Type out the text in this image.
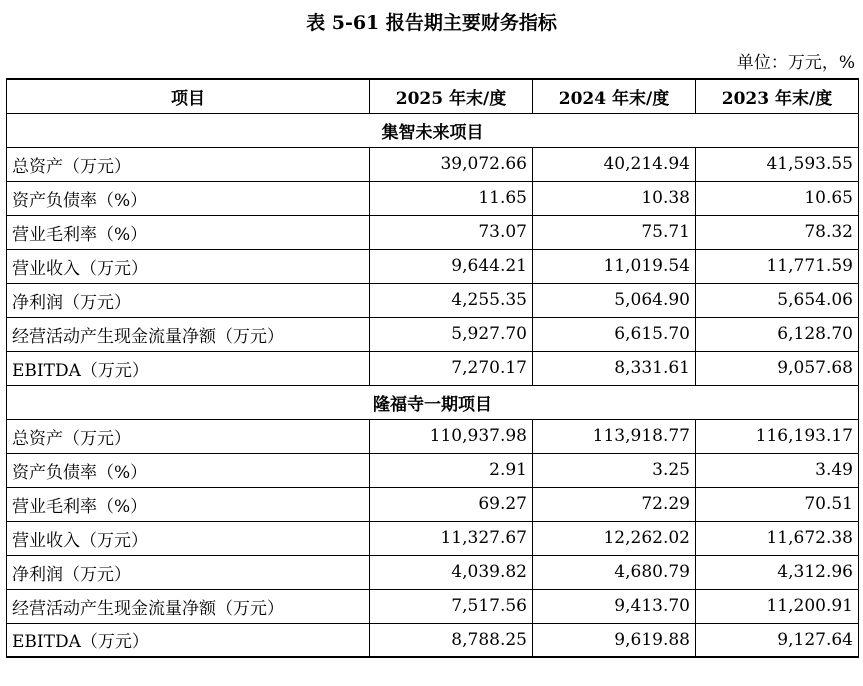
表 5-61 报告期主要财务指标
单位：万元，%
项目	2025 年末/度	2024 年末/度	2023 年末/度
集智未来项目			
总资产（万元）	39,072.66	40,214.94	41,593.55
资产负债率（%）	11.65	10.38	10.65
营业毛利率（%）	73.07	75.71	78.32
营业收入（万元）	9,644.21	11,019.54	11,771.59
净利润（万元）	4,255.35	5,064.90	5,654.06
经营活动产生现金流量净额（万元）	5,927.70	6,615.70	6,128.70
EBITDA（万元）	7,270.17	8,331.61	9,057.68
隆福寺一期项目			
总资产（万元）	110,937.98	113,918.77	116,193.17
资产负债率（%）	2.91	3.25	3.49
营业毛利率（%）	69.27	72.29	70.51
营业收入（万元）	11,327.67	12,262.02	11,672.38
净利润（万元）	4,039.82	4,680.79	4,312.96
经营活动产生现金流量净额（万元）	7,517.56	9,413.70	11,200.91
EBITDA（万元）	8,788.25	9,619.88	9,127.64
